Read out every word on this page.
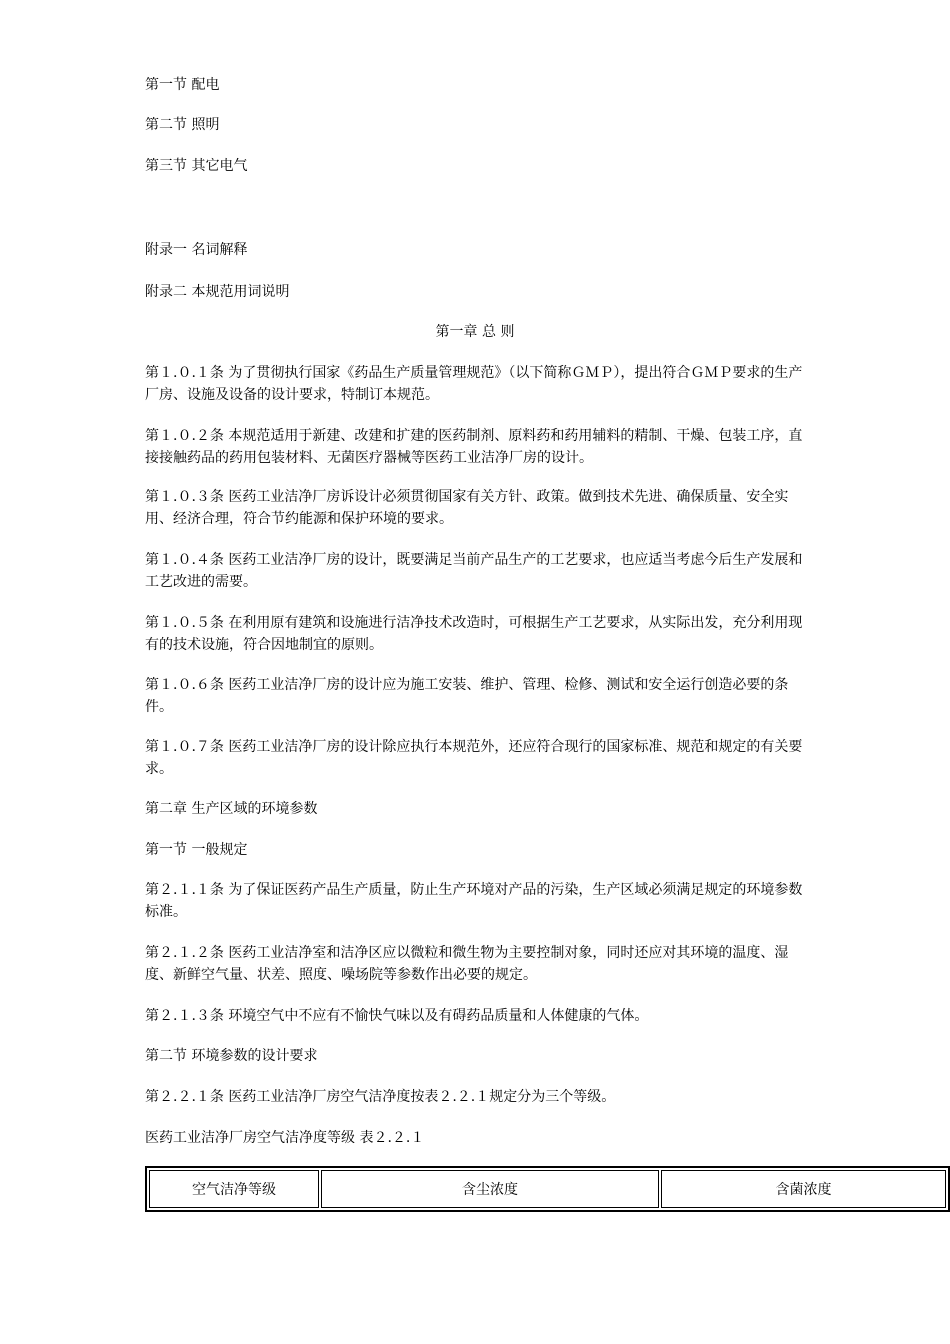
第一节 配电
第二节 照明
第三节 其它电气
附录一 名词解释
附录二 本规范用词说明
第一章 总 则
第１.０.１条 为了贯彻执行国家《药品生产质量管理规范》（以下简称ＧＭＰ），提出符合ＧＭＰ要求的生产厂房、设施及设备的设计要求，特制订本规范。
第１.０.２条 本规范适用于新建、改建和扩建的医药制剂、原料药和药用辅料的精制、干燥、包装工序，直接接触药品的药用包装材料、无菌医疗器械等医药工业洁净厂房的设计。
第１.０.３条 医药工业洁净厂房诉设计必须贯彻国家有关方针、政策。做到技术先进、确保质量、安全实用、经济合理，符合节约能源和保护环境的要求。
第１.０.４条 医药工业洁净厂房的设计，既要满足当前产品生产的工艺要求，也应适当考虑今后生产发展和工艺改进的需要。
第１.０.５条 在利用原有建筑和设施进行洁净技术改造时，可根据生产工艺要求，从实际出发，充分利用现有的技术设施，符合因地制宜的原则。
第１.０.６条 医药工业洁净厂房的设计应为施工安装、维护、管理、检修、测试和安全运行创造必要的条件。
第１.０.７条 医药工业洁净厂房的设计除应执行本规范外，还应符合现行的国家标准、规范和规定的有关要求。
第二章 生产区域的环境参数
第一节 一般规定
第２.１.１条 为了保证医药产品生产质量，防止生产环境对产品的污染，生产区域必须满足规定的环境参数标准。
第２.１.２条 医药工业洁净室和洁净区应以微粒和微生物为主要控制对象，同时还应对其环境的温度、湿度、新鲜空气量、状差、照度、噪场院等参数作出必要的规定。
第２.１.３条 环境空气中不应有不愉快气味以及有碍药品质量和人体健康的气体。
第二节 环境参数的设计要求
第２.２.１条 医药工业洁净厂房空气洁净度按表２.２.１规定分为三个等级。
医药工业洁净厂房空气洁净度等级 表２.２.１
空气洁净等级	含尘浓度	含菌浓度
